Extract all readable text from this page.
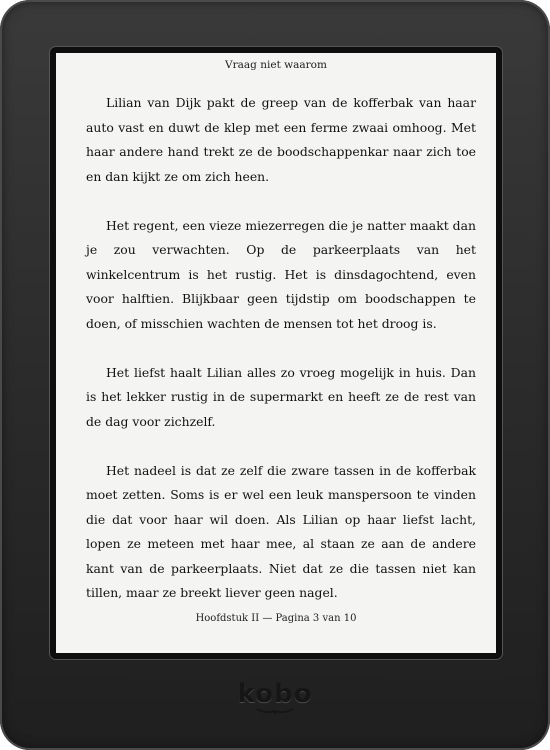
Vraag niet waarom

Lilian van Dijk pakt de greep van de kofferbak van haar auto vast en duwt de klep met een ferme zwaai omhoog. Met haar andere hand trekt ze de boodschappenkar naar zich toe en dan kijkt ze om zich heen.

Het regent, een vieze miezerregen die je natter maakt dan je zou verwachten. Op de parkeerplaats van het winkelcentrum is het rustig. Het is dinsdagochtend, even voor halftien. Blijkbaar geen tijdstip om boodschappen te doen, of misschien wachten de mensen tot het droog is.

Het liefst haalt Lilian alles zo vroeg mogelijk in huis. Dan is het lekker rustig in de supermarkt en heeft ze de rest van de dag voor zichzelf.

Het nadeel is dat ze zelf die zware tassen in de kofferbak moet zetten. Soms is er wel een leuk manspersoon te vinden die dat voor haar wil doen. Als Lilian op haar liefst lacht, lopen ze meteen met haar mee, al staan ze aan de andere kant van de parkeerplaats. Niet dat ze die tassen niet kan tillen, maar ze breekt liever geen nagel.

Hoofdstuk II — Pagina 3 van 10
kobo
